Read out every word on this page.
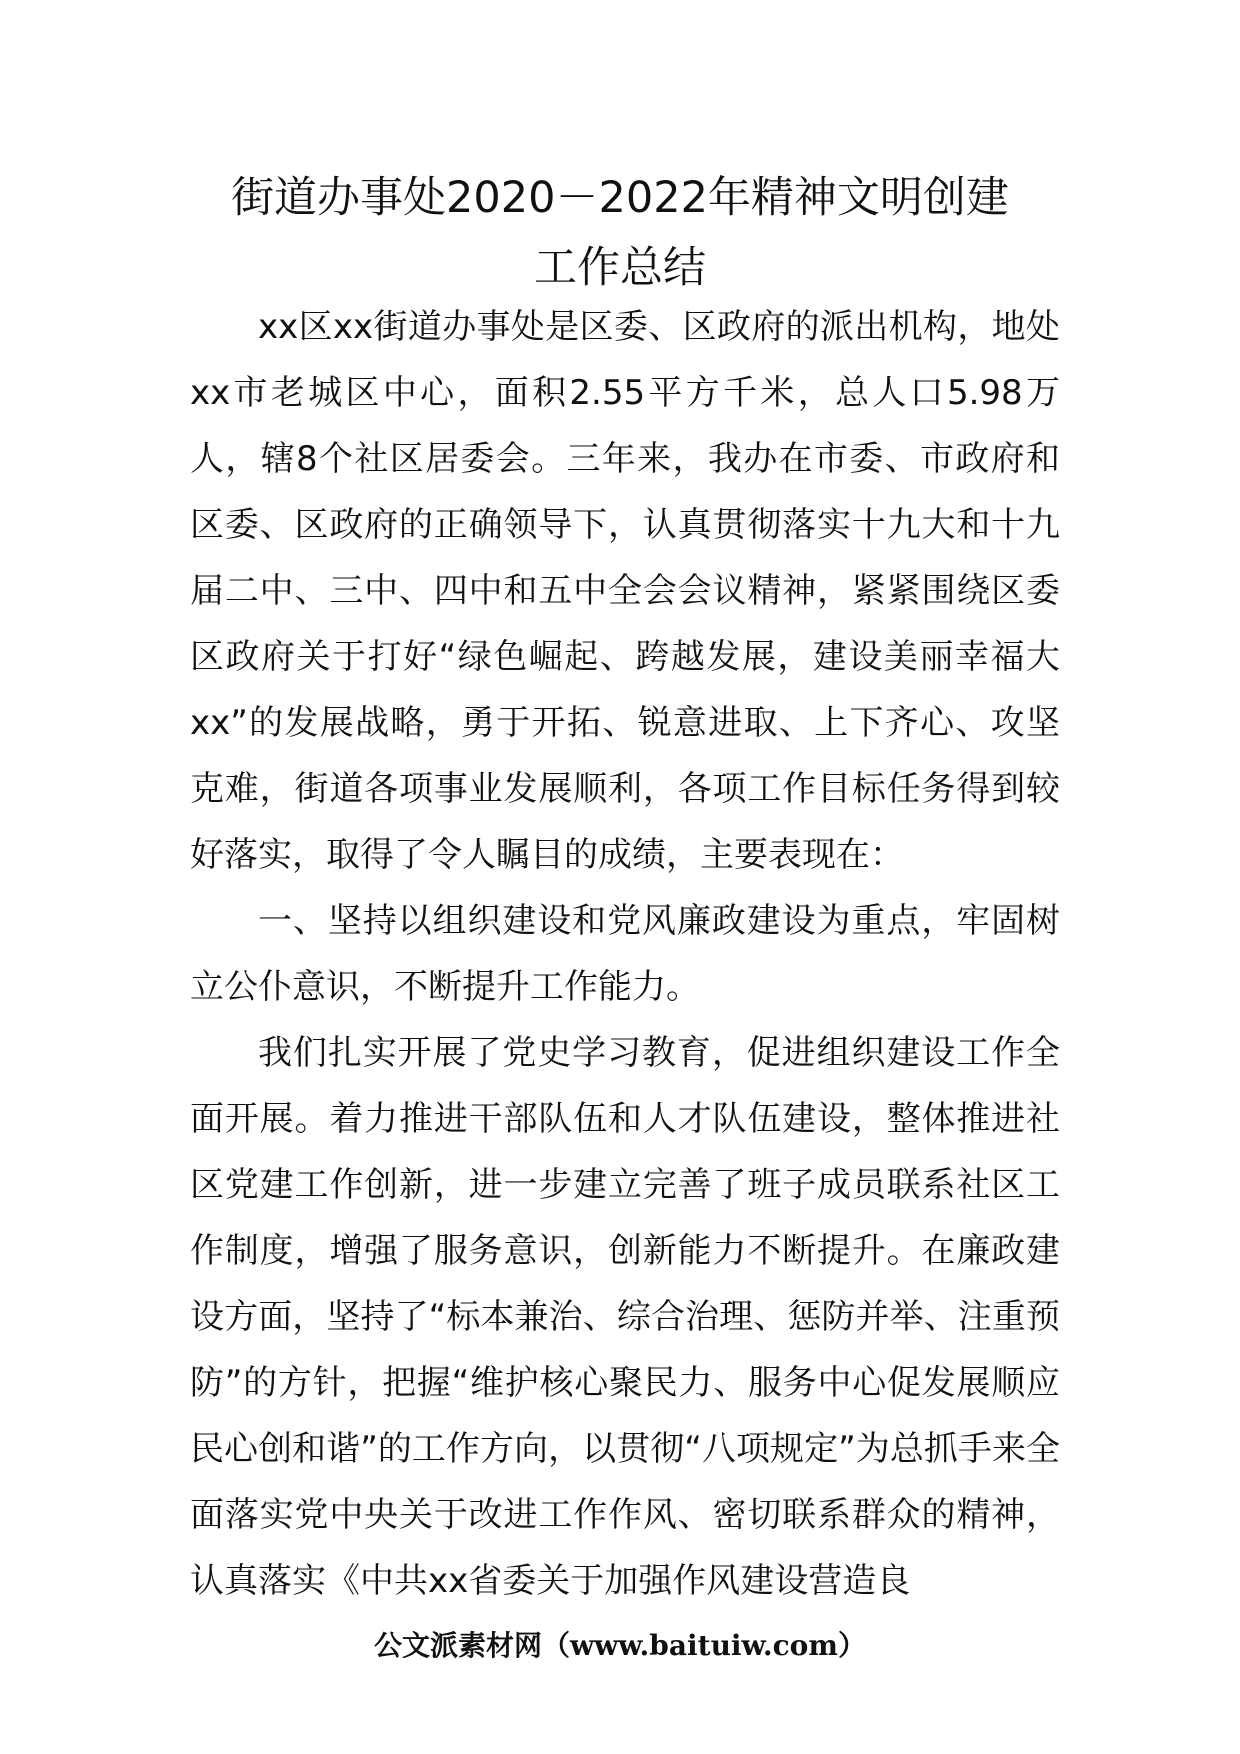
街道办事处2020－2022年精神文明创建
工作总结

xx区xx街道办事处是区委、区政府的派出机构，地处xx市老城区中心，面积2.55平方千米，总人口5.98万人，辖8个社区居委会。三年来，我办在市委、市政府和区委、区政府的正确领导下，认真贯彻落实十九大和十九届二中、三中、四中和五中全会会议精神，紧紧围绕区委区政府关于打好“绿色崛起、跨越发展，建设美丽幸福大xx”的发展战略，勇于开拓、锐意进取、上下齐心、攻坚克难，街道各项事业发展顺利，各项工作目标任务得到较好落实，取得了令人瞩目的成绩，主要表现在：

一、坚持以组织建设和党风廉政建设为重点，牢固树立公仆意识，不断提升工作能力。

我们扎实开展了党史学习教育，促进组织建设工作全面开展。着力推进干部队伍和人才队伍建设，整体推进社区党建工作创新，进一步建立完善了班子成员联系社区工作制度，增强了服务意识，创新能力不断提升。在廉政建设方面，坚持了“标本兼治、综合治理、惩防并举、注重预防”的方针，把握“维护核心聚民力、服务中心促发展顺应民心创和谐”的工作方向，以贯彻“八项规定”为总抓手来全面落实党中央关于改进工作作风、密切联系群众的精神，认真落实《中共xx省委关于加强作风建设营造良

公文派素材网（www.baituiw.com）
